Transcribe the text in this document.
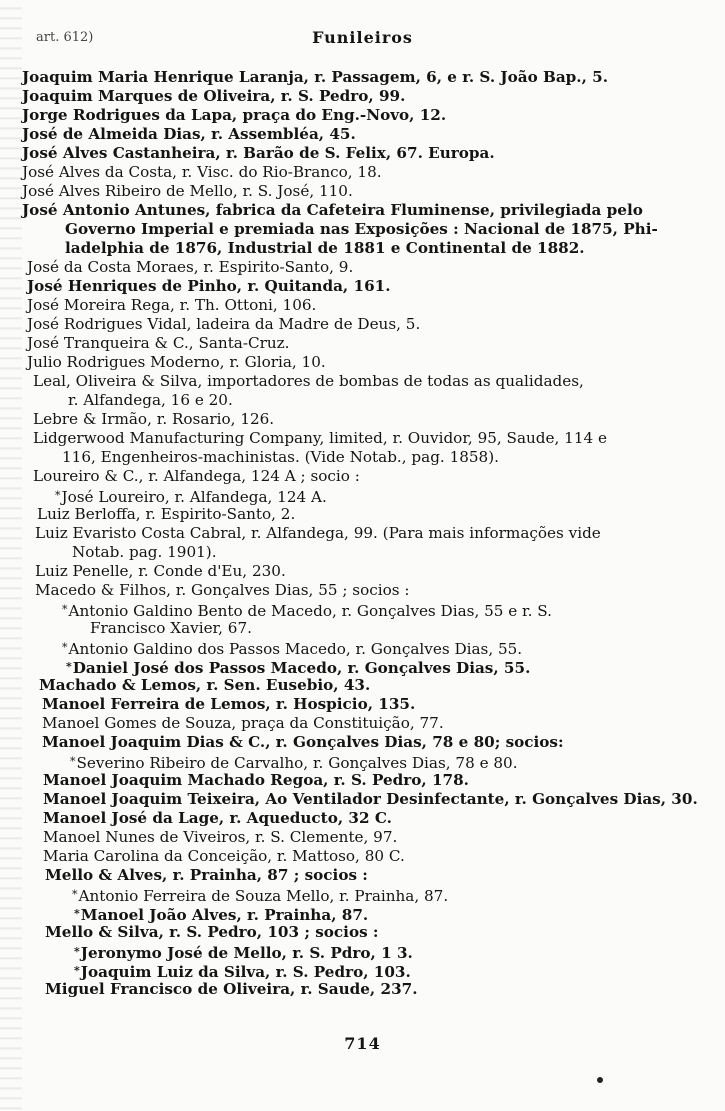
art. 612)	Funileiros
Joaquim Maria Henrique Laranja, r. Passagem, 6, e r. S. João Bap., 5.
Joaquim Marques de Oliveira, r. S. Pedro, 99.
Jorge Rodrigues da Lapa, praça do Eng.-Novo, 12.
José de Almeida Dias, r. Assembléa, 45.
José Alves Castanheira, r. Barão de S. Felix, 67. Europa.
José Alves da Costa, r. Visc. do Rio-Branco, 18.
José Alves Ribeiro de Mello, r. S. José, 110.
José Antonio Antunes, fabrica da Cafeteira Fluminense, privilegiada pelo
Governo Imperial e premiada nas Exposições : Nacional de 1875, Phi-
ladelphia de 1876, Industrial de 1881 e Continental de 1882.
José da Costa Moraes, r. Espirito-Santo, 9.
José Henriques de Pinho, r. Quitanda, 161.
José Moreira Rega, r. Th. Ottoni, 106.
José Rodrigues Vidal, ladeira da Madre de Deus, 5.
José Tranqueira & C., Santa-Cruz.
Julio Rodrigues Moderno, r. Gloria, 10.
Leal, Oliveira & Silva, importadores de bombas de todas as qualidades,
r. Alfandega, 16 e 20.
Lebre & Irmão, r. Rosario, 126.
Lidgerwood Manufacturing Company, limited, r. Ouvidor, 95, Saude, 114 e
116, Engenheiros-machinistas. (Vide Notab., pag. 1858).
Loureiro & C., r. Alfandega, 124 A ; socio :
*José Loureiro, r. Alfandega, 124 A.
Luiz Berloffa, r. Espirito-Santo, 2.
Luiz Evaristo Costa Cabral, r. Alfandega, 99. (Para mais informações vide
Notab. pag. 1901).
Luiz Penelle, r. Conde d'Eu, 230.
Macedo & Filhos, r. Gonçalves Dias, 55 ; socios :
*Antonio Galdino Bento de Macedo, r. Gonçalves Dias, 55 e r. S.
Francisco Xavier, 67.
*Antonio Galdino dos Passos Macedo, r. Gonçalves Dias, 55.
*Daniel José dos Passos Macedo, r. Gonçalves Dias, 55.
Machado & Lemos, r. Sen. Eusebio, 43.
Manoel Ferreira de Lemos, r. Hospicio, 135.
Manoel Gomes de Souza, praça da Constituição, 77.
Manoel Joaquim Dias & C., r. Gonçalves Dias, 78 e 80; socios:
*Severino Ribeiro de Carvalho, r. Gonçalves Dias, 78 e 80.
Manoel Joaquim Machado Regoa, r. S. Pedro, 178.
Manoel Joaquim Teixeira, Ao Ventilador Desinfectante, r. Gonçalves Dias, 30.
Manoel José da Lage, r. Aqueducto, 32 C.
Manoel Nunes de Viveiros, r. S. Clemente, 97.
Maria Carolina da Conceição, r. Mattoso, 80 C.
Mello & Alves, r. Prainha, 87 ; socios :
*Antonio Ferreira de Souza Mello, r. Prainha, 87.
*Manoel João Alves, r. Prainha, 87.
Mello & Silva, r. S. Pedro, 103 ; socios :
*Jeronymo José de Mello, r. S. Pdro, 1 3.
*Joaquim Luiz da Silva, r. S. Pedro, 103.
Miguel Francisco de Oliveira, r. Saude, 237.
714
